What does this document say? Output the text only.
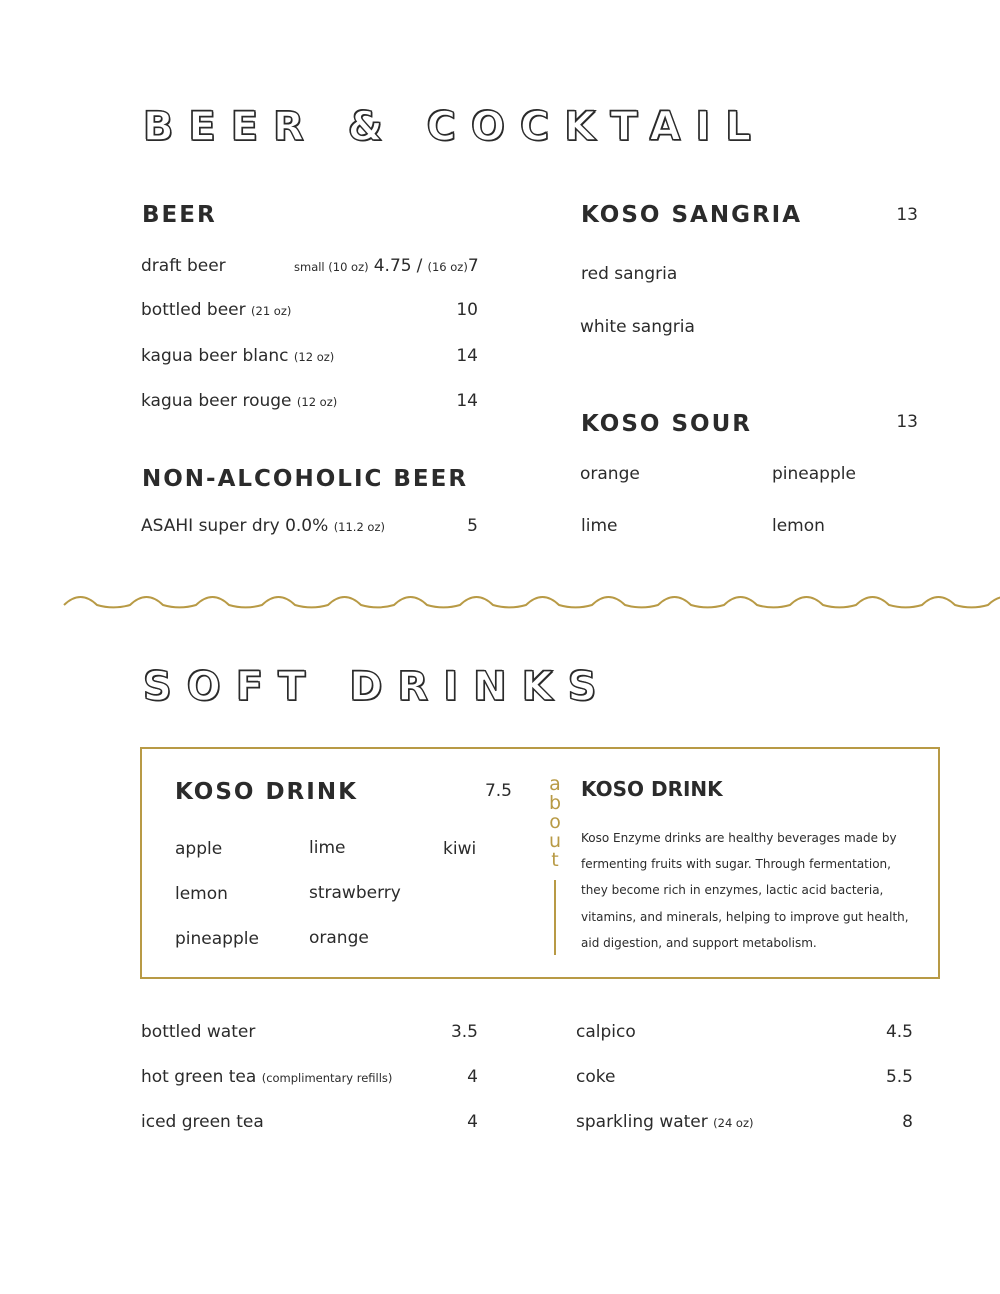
BEER & COCKTAIL
BEER
draft beer	small (10 oz) 4.75 / (16 oz)7
bottled beer (21 oz)	10
kagua beer blanc (12 oz)	14
kagua beer rouge (12 oz)	14
NON-ALCOHOLIC BEER
ASAHI super dry 0.0% (11.2 oz)	5
KOSO SANGRIA	13
red sangria
white sangria
KOSO SOUR	13
orange	pineapple
lime	lemon
SOFT DRINKS
KOSO DRINK	7.5
apple	lime	kiwi
lemon	strawberry
pineapple	orange
a
b
o
u
t
KOSO DRINK
Koso Enzyme drinks are healthy beverages made by
fermenting fruits with sugar. Through fermentation,
they become rich in enzymes, lactic acid bacteria,
vitamins, and minerals, helping to improve gut health,
aid digestion, and support metabolism.
bottled water	3.5
hot green tea (complimentary refills)	4
iced green tea	4
calpico	4.5
coke	5.5
sparkling water (24 oz)	8
